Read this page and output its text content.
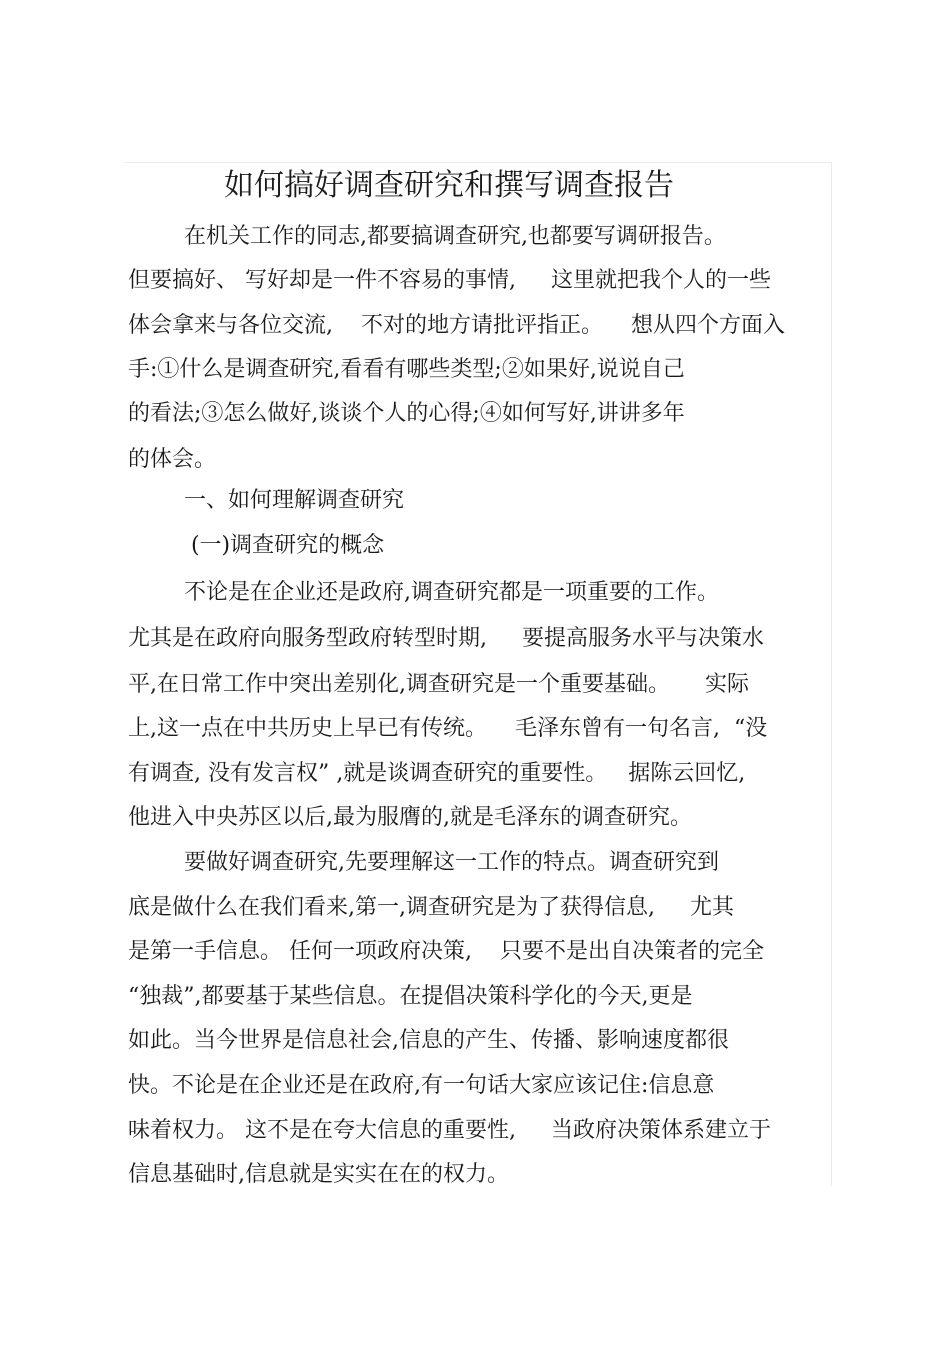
如何搞好调查研究和撰写调查报告
在机关工作的同志,都要搞调查研究,也都要写调研报告。
但要搞好、 写好却是一件不容易的事情,     这里就把我个人的一些
体会拿来与各位交流,    不对的地方请批评指正。    想从四个方面入
手:①什么是调查研究,看看有哪些类型;②如果好,说说自己
的看法;③怎么做好,谈谈个人的心得;④如何写好,讲讲多年
的体会。
一、如何理解调查研究
(一)调查研究的概念
不论是在企业还是政府,调查研究都是一项重要的工作。
尤其是在政府向服务型政府转型时期,     要提高服务水平与决策水
平,在日常工作中突出差别化,调查研究是一个重要基础。     实际
上,这一点在中共历史上早已有传统。    毛泽东曾有一句名言,  “没
有调查, 没有发言权” ,就是谈调查研究的重要性。   据陈云回忆,
他进入中央苏区以后,最为服膺的,就是毛泽东的调查研究。
要做好调查研究,先要理解这一工作的特点。调查研究到
底是做什么在我们看来,第一,调查研究是为了获得信息,     尤其
是第一手信息。 任何一项政府决策,    只要不是出自决策者的完全
“独裁”,都要基于某些信息。在提倡决策科学化的今天,更是
如此。当今世界是信息社会,信息的产生、传播、影响速度都很
快。不论是在企业还是在政府,有一句话大家应该记住:信息意
味着权力。 这不是在夸大信息的重要性,     当政府决策体系建立于
信息基础时,信息就是实实在在的权力。
